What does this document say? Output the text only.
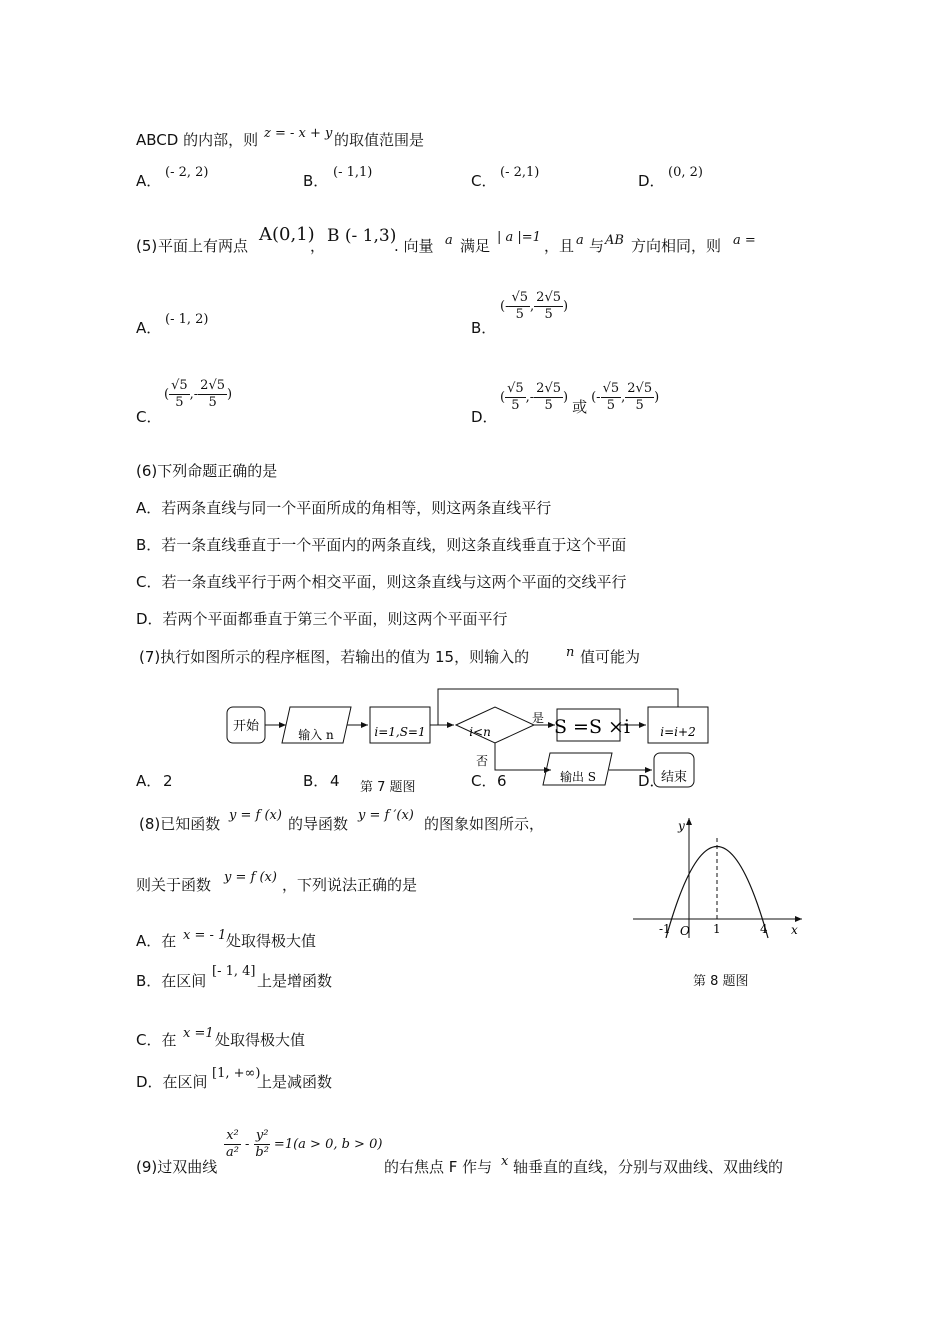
ABCD 的内部，则 z = - x + y 的取值范围是
A． (- 2, 2)	B． (- 1,1)	C． (- 2,1)	D． (0, 2)
(5) 平面上有两点
A(0,1)
， B (- 1,3)
. 向量 a 满足 | a |=1 ，且 a 与 AB 方向相同，则 a =
A． (- 1, 2)	B．
(- $\frac{√5}{5}$ , $\frac{2√5}{5}$ )
C．
( $\frac{√5}{5}$ ,- $\frac{2√5}{5}$ )
D．
( $\frac{√5}{5}$ ,- $\frac{2√5}{5}$ )
或
(- $\frac{√5}{5}$ , $\frac{2√5}{5}$ )
(6)下列命题正确的是
A．若两条直线与同一个平面所成的角相等，则这两条直线平行
B．若一条直线垂直于一个平面内的两条直线，则这条直线垂直于这个平面
C．若一条直线平行于两个相交平面，则这条直线与这两个平面的交线平行
D．若两个平面都垂直于第三个平面，则这两个平面平行
(7)执行如图所示的程序框图，若输出的值为 15，则输入的	n 值可能为
开始
输入 n	i=1,S=1	i<n
是
否
S =S ×i	i=i+2
输出 S	结束
A． 2	B． 4 第 7 题图	C． 6	D．
(8)已知函数 y = f (x) 的导函数 y = f ′(x) 的图象如图所示，
则关于函数 y = f (x) ，下列说法正确的是
A．在 x = - 1 处取得极大值
B．在区间
[- 1, 4]
上是增函数
C．在 x =1 处取得极大值
D．在区间 [1, +∞)
上是减函数
y
x
O
-1	1	4
第 8 题图
(9)过双曲线
$\frac{\text{x²}}{\text{a²}} - \frac{\text{y²}}{\text{b²}} =1(a > 0$, b > 0)
的右焦点 F 作与 x 轴垂直的直线，分别与双曲线、双曲线的
